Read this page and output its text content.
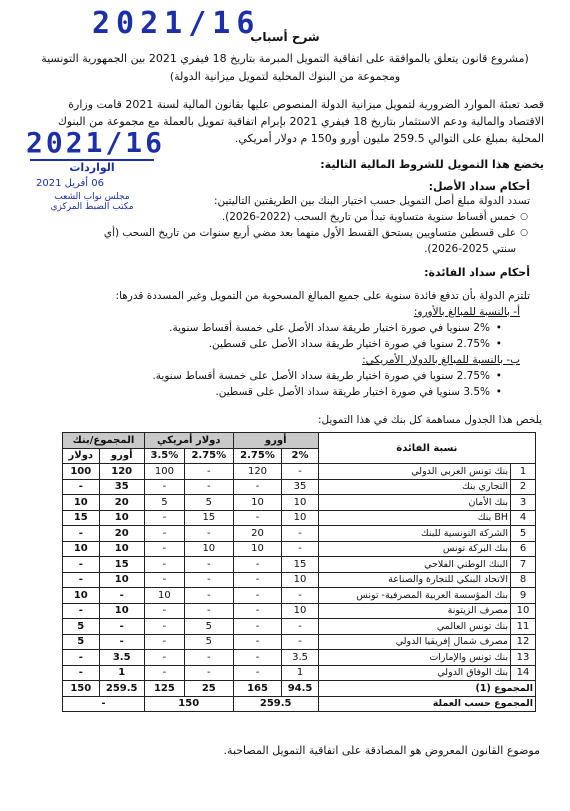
2021/16
شرح أسباب
(مشروع قانون يتعلق بالموافقة على اتفاقية التمويل المبرمة بتاريخ 18 فيفري 2021 بين الجمهورية التونسية
ومجموعة من البنوك المحلية لتمويل ميزانية الدولة)
قصد تعبئة الموارد الضرورية لتمويل ميزانية الدولة المنصوص عليها بقانون المالية لسنة 2021 قامت وزارة
الاقتصاد والمالية ودعم الاستثمار بتاريخ 18 فيفري 2021 بإبرام اتفاقية تمويل بالعملة مع مجموعة من البنوك
المحلية بمبلغ على التوالي 259.5 مليون أورو و150 م دولار أمريكي.
2021/16
الواردات
06 أفريل 2021
مجلس نواب الشعب
مكتب الضبط المركزي
يخضع هذا التمويل للشروط المالية التالية:
أحكام سداد الأصل:
تسدد الدولة مبلغ أصل التمويل حسب اختيار البنك بين الطريقتين التاليتين:
○ خمس أقساط سنوية متساوية تبدأ من تاريخ السحب (2022-2026).
○ على قسطين متساويين يستحق القسط الأول منهما بعد مضي أربع سنوات من تاريخ السحب (أي
سنتي 2025-2026).
أحكام سداد الفائدة:
تلتزم الدولة بأن تدفع فائدة سنوية على جميع المبالغ المسحوبة من التمويل وغير المسددة قدرها:
أ- بالنسبة للمبالغ بالأورو:
• 2% سنويا في صورة اختيار طريقة سداد الأصل على خمسة أقساط سنوية.
• 2.75% سنويا في صورة اختيار طريقة سداد الأصل على قسطين.
ب- بالنسبة للمبالغ بالدولار الأمريكي:
• 2.75% سنويا في صورة اختيار طريقة سداد الأصل على خمسة أقساط سنوية.
• 3.5% سنويا في صورة اختيار طريقة سداد الأصل على قسطين.
يلخص هذا الجدول مساهمة كل بنك في هذا التمويل:
نسبة الفائدة		أورو		دولار أمريكي		المجموع/بنك	
		2%	2.75%	2.75%	3.5%	أورو	دولار
1	بنك تونس العربي الدولي	-	120	-	100	120	100
2	التجاري بنك	35	-	-	-	35	-
3	بنك الأمان	10	10	5	5	20	10
4	BH بنك	10	-	15	-	10	15
5	الشركة التونسية للبنك	-	20	-	-	20	-
6	بنك البركة تونس	-	10	10	-	10	10
7	البنك الوطني الفلاحي	15	-	-	-	15	-
8	الاتحاد البنكي للتجارة والصناعة	10	-	-	-	10	-
9	بنك المؤسسة العربية المصرفية- تونس	-	-	-	10	-	10
10	مصرف الزيتونة	10	-	-	-	10	-
11	بنك تونس العالمي	-	-	5	-	-	5
12	مصرف شمال إفريقيا الدولي	-	-	5	-	-	5
13	بنك تونس والإمارات	3.5	-	-	-	3.5	-
14	بنك الوفاق الدولي	1	-	-	-	1	-
المجموع (1)		94.5	165	25	125	259.5	150
المجموع حسب العملة		259.5		150		-	
موضوع القانون المعروض هو المصادقة على اتفاقية التمويل المصاحبة.
